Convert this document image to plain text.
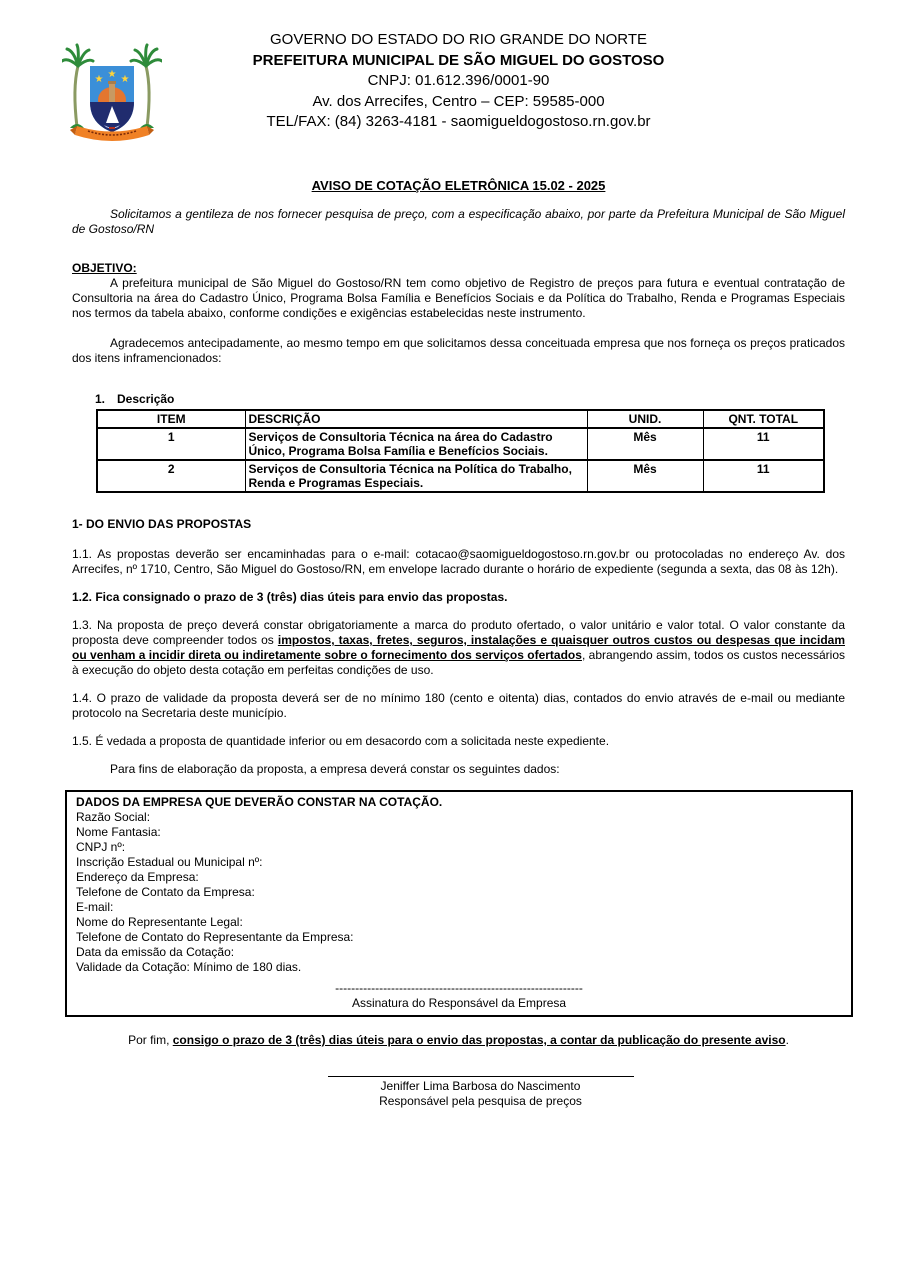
★ ★ ★
GOVERNO DO ESTADO DO RIO GRANDE DO NORTE
PREFEITURA MUNICIPAL DE SÃO MIGUEL DO GOSTOSO
CNPJ: 01.612.396/0001-90
Av. dos Arrecifes, Centro – CEP: 59585-000
TEL/FAX: (84) 3263-4181 - saomigueldogostoso.rn.gov.br
AVISO DE COTAÇÃO ELETRÔNICA 15.02 - 2025

Solicitamos a gentileza de nos fornecer pesquisa de preço, com a especificação abaixo, por parte da Prefeitura Municipal de São Miguel de Gostoso/RN

OBJETIVO:

A prefeitura municipal de São Miguel do Gostoso/RN tem como objetivo de Registro de preços para futura e eventual contratação de Consultoria na área do Cadastro Único, Programa Bolsa Família e Benefícios Sociais e da Política do Trabalho, Renda e Programas Especiais nos termos da tabela abaixo, conforme condições e exigências estabelecidas neste instrumento.

Agradecemos antecipadamente, ao mesmo tempo em que solicitamos dessa conceituada empresa que nos forneça os preços praticados dos itens inframencionados:

1. Descrição
ITEM	DESCRIÇÃO	UNID.	QNT. TOTAL
1	Serviços de Consultoria Técnica na área do Cadastro Único, Programa Bolsa Família e Benefícios Sociais.	Mês	11
2	Serviços de Consultoria Técnica na Política do Trabalho, Renda e Programas Especiais.	Mês	11
1- DO ENVIO DAS PROPOSTAS

1.1. As propostas deverão ser encaminhadas para o e-mail: cotacao@saomigueldogostoso.rn.gov.br ou protocoladas no endereço Av. dos Arrecifes, nº 1710, Centro, São Miguel do Gostoso/RN, em envelope lacrado durante o horário de expediente (segunda a sexta, das 08 às 12h).

1.2. Fica consignado o prazo de 3 (três) dias úteis para envio das propostas.

1.3. Na proposta de preço deverá constar obrigatoriamente a marca do produto ofertado, o valor unitário e valor total. O valor constante da proposta deve compreender todos os impostos, taxas, fretes, seguros, instalações e quaisquer outros custos ou despesas que incidam ou venham a incidir direta ou indiretamente sobre o fornecimento dos serviços ofertados, abrangendo assim, todos os custos necessários à execução do objeto desta cotação em perfeitas condições de uso.

1.4. O prazo de validade da proposta deverá ser de no mínimo 180 (cento e oitenta) dias, contados do envio através de e-mail ou mediante protocolo na Secretaria deste município.

1.5. É vedada a proposta de quantidade inferior ou em desacordo com a solicitada neste expediente.

Para fins de elaboração da proposta, a empresa deverá constar os seguintes dados:

DADOS DA EMPRESA QUE DEVERÃO CONSTAR NA COTAÇÃO.
Razão Social:
Nome Fantasia:
CNPJ nº:
Inscrição Estadual ou Municipal nº:
Endereço da Empresa:
Telefone de Contato da Empresa:
E-mail:
Nome do Representante Legal:
Telefone de Contato do Representante da Empresa:
Data da emissão da Cotação:
Validade da Cotação: Mínimo de 180 dias.
--------------------------------------------------------------
Assinatura do Responsável da Empresa

Por fim, consigo o prazo de 3 (três) dias úteis para o envio das propostas, a contar da publicação do presente aviso.

Jeniffer Lima Barbosa do Nascimento
Responsável pela pesquisa de preços
